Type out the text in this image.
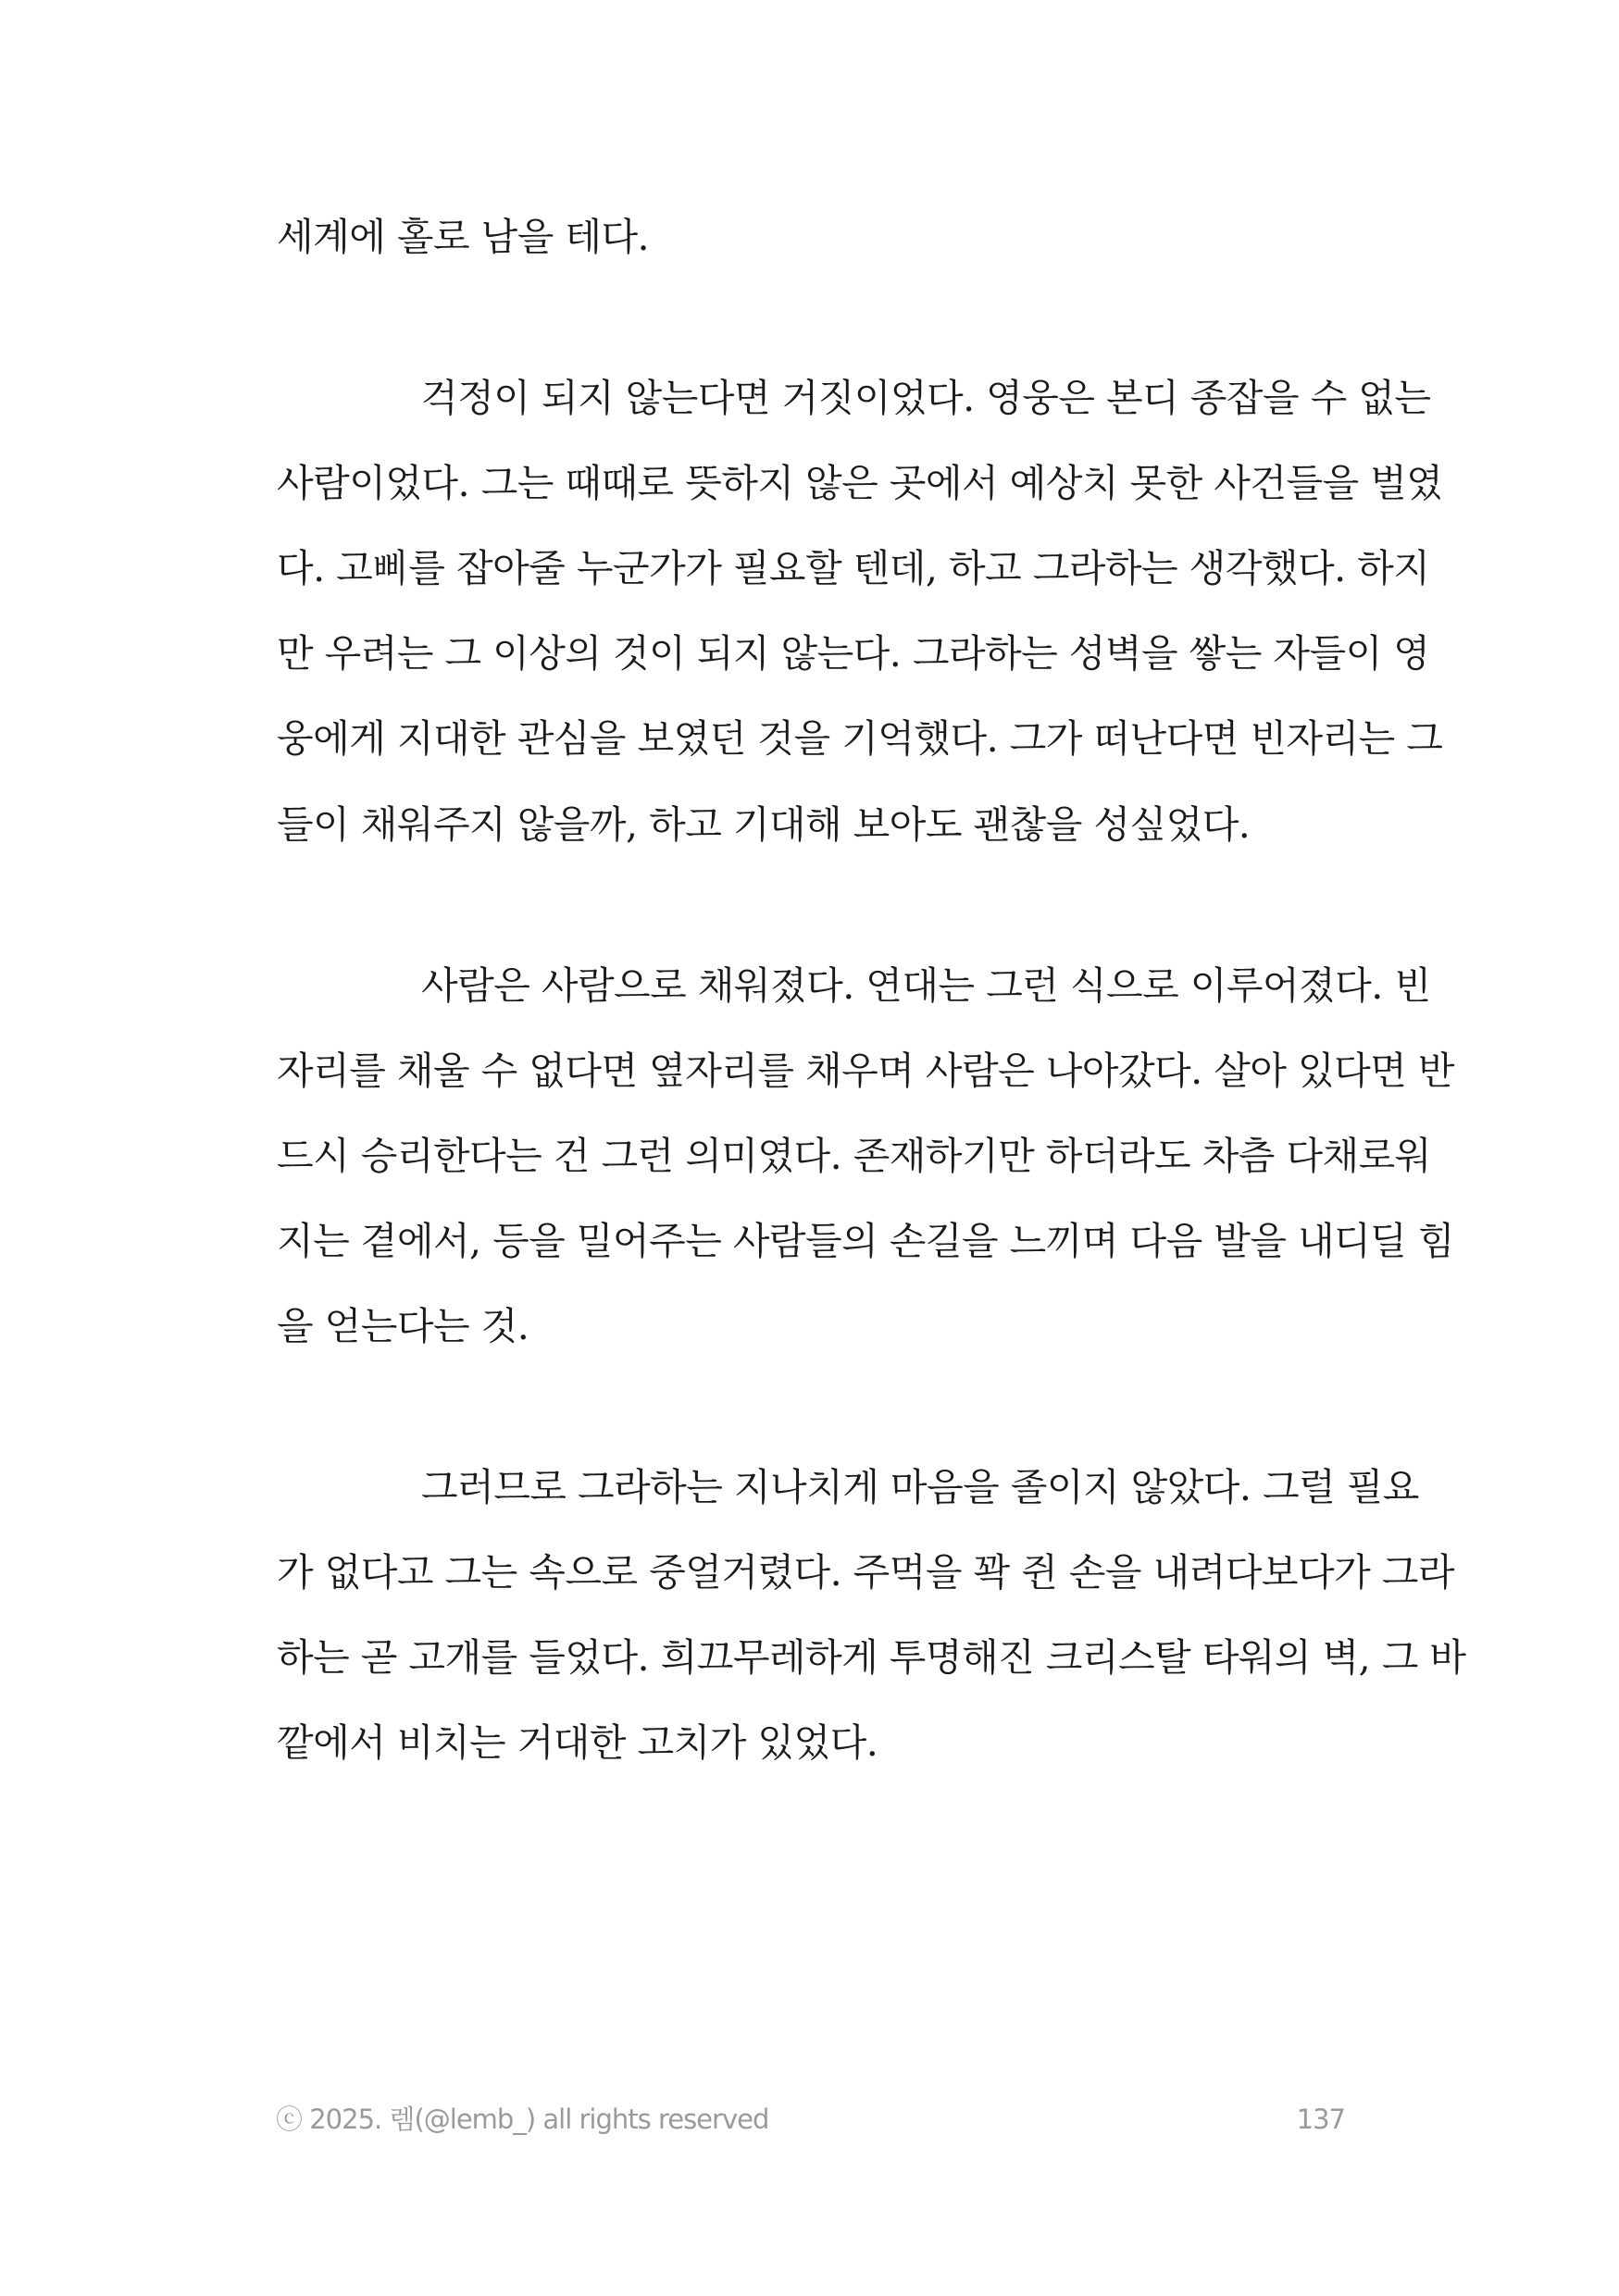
세계에 홀로 남을 테다.
걱정이 되지 않는다면 거짓이었다. 영웅은 본디 종잡을 수 없는
사람이었다. 그는 때때로 뜻하지 않은 곳에서 예상치 못한 사건들을 벌였
다. 고삐를 잡아줄 누군가가 필요할 텐데, 하고 그라하는 생각했다. 하지
만 우려는 그 이상의 것이 되지 않는다. 그라하는 성벽을 쌓는 자들이 영
웅에게 지대한 관심을 보였던 것을 기억했다. 그가 떠난다면 빈자리는 그
들이 채워주지 않을까, 하고 기대해 보아도 괜찮을 성싶었다.
사람은 사람으로 채워졌다. 연대는 그런 식으로 이루어졌다. 빈
자리를 채울 수 없다면 옆자리를 채우며 사람은 나아갔다. 살아 있다면 반
드시 승리한다는 건 그런 의미였다. 존재하기만 하더라도 차츰 다채로워
지는 곁에서, 등을 밀어주는 사람들의 손길을 느끼며 다음 발을 내디딜 힘
을 얻는다는 것.
그러므로 그라하는 지나치게 마음을 졸이지 않았다. 그럴 필요
가 없다고 그는 속으로 중얼거렸다. 주먹을 꽉 쥔 손을 내려다보다가 그라
하는 곧 고개를 들었다. 희끄무레하게 투명해진 크리스탈 타워의 벽, 그 바
깥에서 비치는 거대한 고치가 있었다.
ⓒ 2025. 렘(@lemb_) all rights reserved	137
